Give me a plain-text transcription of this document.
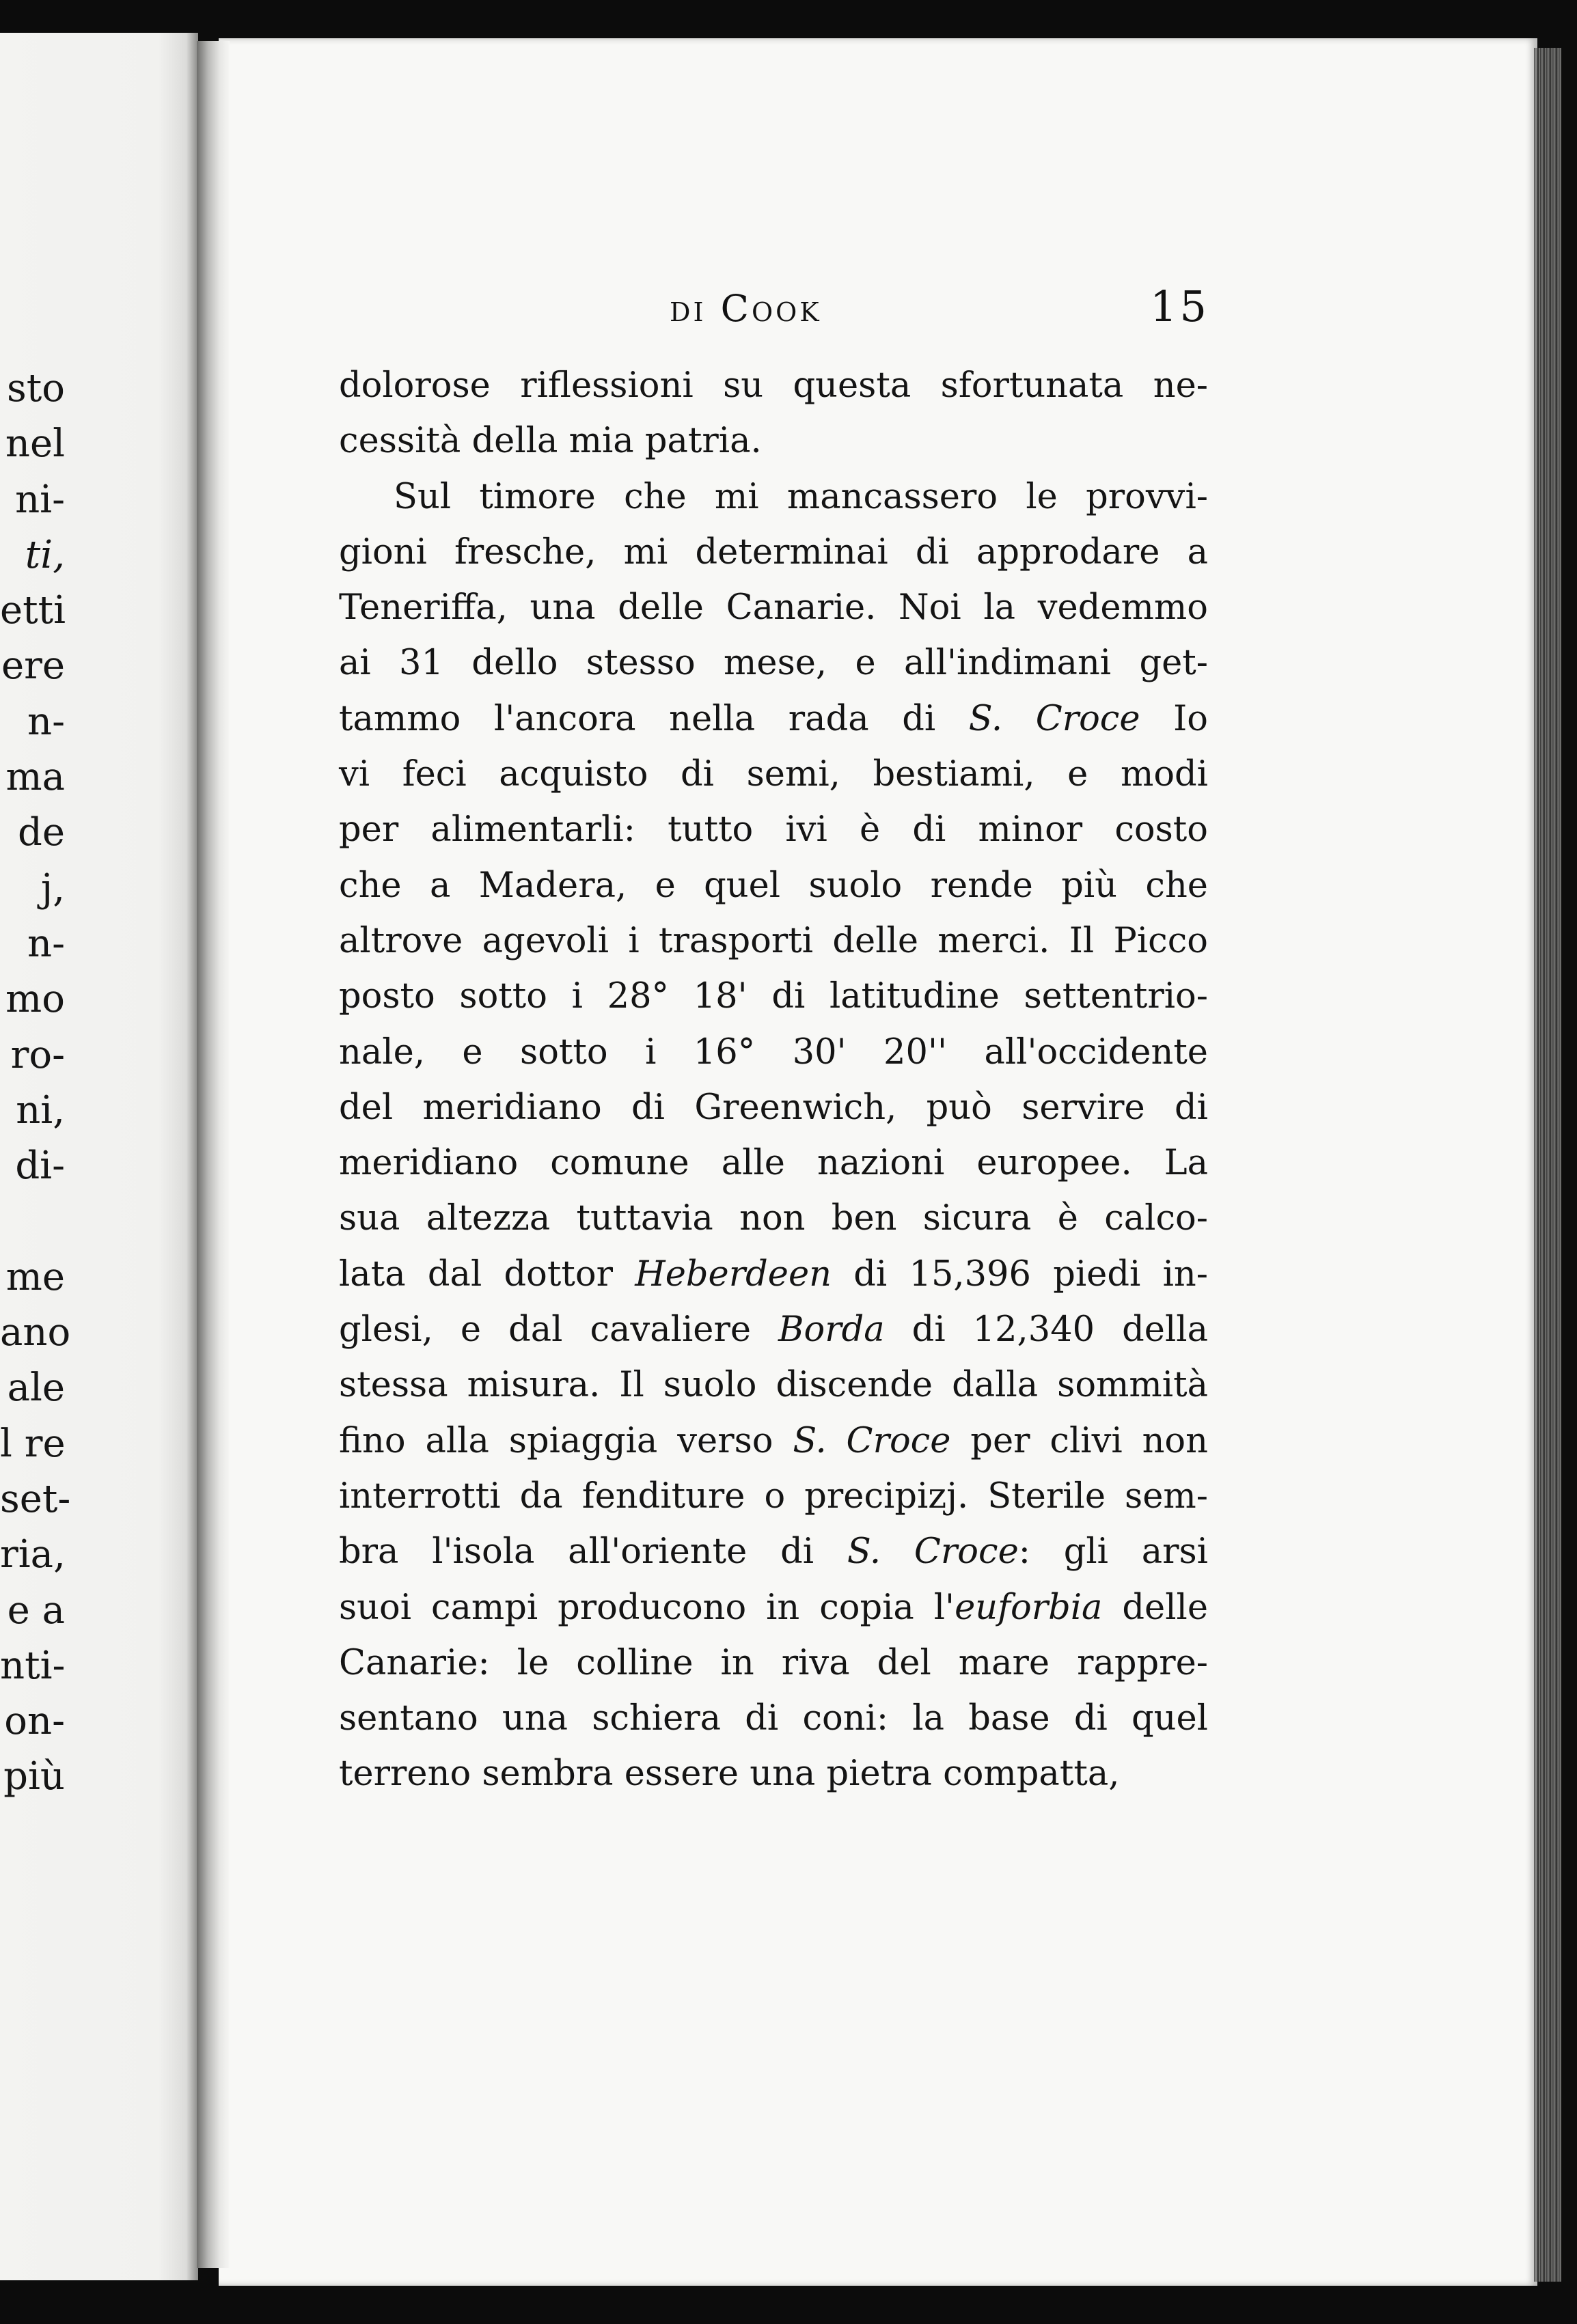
sto
nel
ni-
ti,
etti
ere
n-
ma
de
j,
n-
mo
ro-
ni,
di-
me
ano
ale
l re
set-
ria,
e a
nti-
on-
più
di Cook	15
dolorose riflessioni su questa sfortunata ne-
cessità della mia patria.
Sul timore che mi mancassero le provvi-
gioni fresche, mi determinai di approdare a
Teneriffa, una delle Canarie. Noi la vedemmo
ai 31 dello stesso mese, e all'indimani get-
tammo l'ancora nella rada di S. Croce Io
vi feci acquisto di semi, bestiami, e modi
per alimentarli: tutto ivi è di minor costo
che a Madera, e quel suolo rende più che
altrove agevoli i trasporti delle merci. Il Picco
posto sotto i 28° 18' di latitudine settentrio-
nale, e sotto i 16° 30' 20'' all'occidente
del meridiano di Greenwich, può servire di
meridiano comune alle nazioni europee. La
sua altezza tuttavia non ben sicura è calco-
lata dal dottor Heberdeen di 15,396 piedi in-
glesi, e dal cavaliere Borda di 12,340 della
stessa misura. Il suolo discende dalla sommità
fino alla spiaggia verso S. Croce per clivi non
interrotti da fenditure o precipizj. Sterile sem-
bra l'isola all'oriente di S. Croce: gli arsi
suoi campi producono in copia l'euforbia delle
Canarie: le colline in riva del mare rappre-
sentano una schiera di coni: la base di quel
terreno sembra essere una pietra compatta,
